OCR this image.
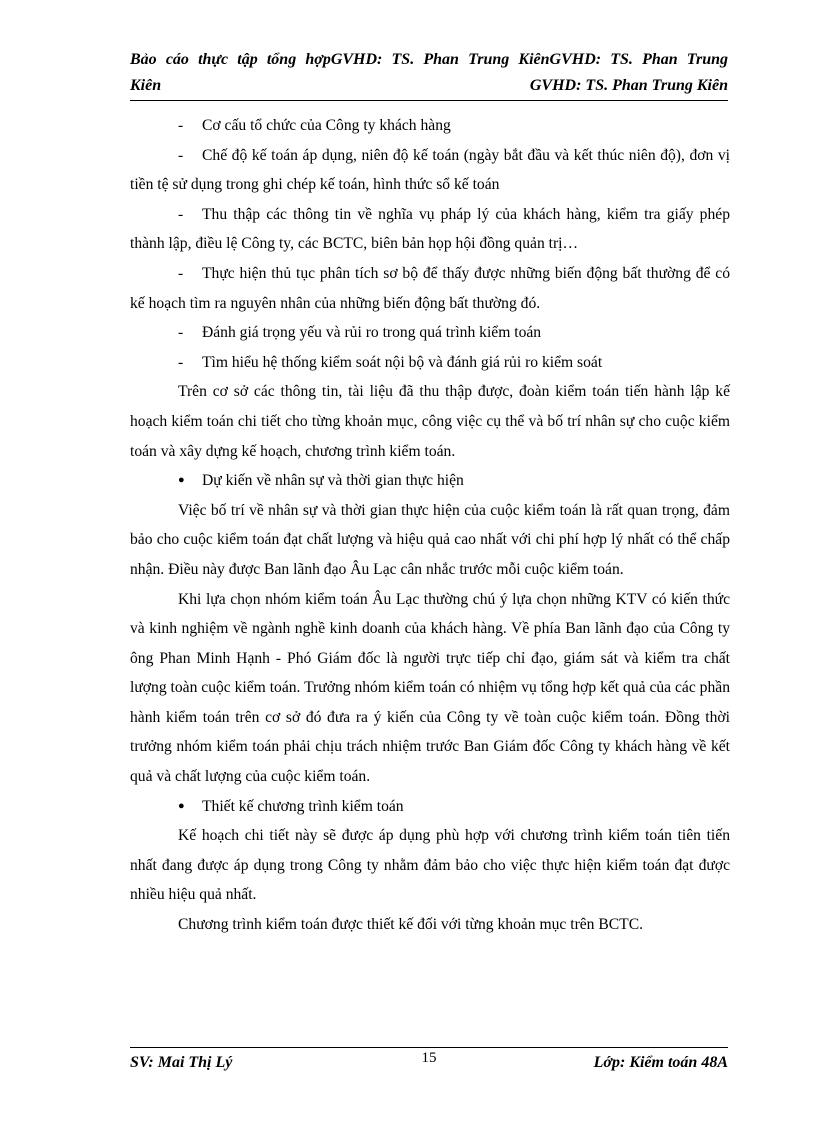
Bảo cáo thực tập tổng hợpGVHD: TS. Phan Trung KiênGVHD: TS. Phan Trung
Kiên	GVHD: TS. Phan Trung Kiên

- Cơ cấu tổ chức của Công ty khách hàng

- Chế độ kế toán áp dụng, niên độ kế toán (ngày bắt đầu và kết thúc niên độ), đơn vị tiền tệ sử dụng trong ghi chép kế toán, hình thức sổ kế toán

- Thu thập các thông tin về nghĩa vụ pháp lý của khách hàng, kiểm tra giấy phép thành lập, điều lệ Công ty, các BCTC, biên bản họp hội đồng quản trị…

- Thực hiện thủ tục phân tích sơ bộ để thấy được những biến động bất thường để có kế hoạch tìm ra nguyên nhân của những biến động bất thường đó.

- Đánh giá trọng yếu và rủi ro trong quá trình kiểm toán

- Tìm hiểu hệ thống kiểm soát nội bộ và đánh giá rủi ro kiểm soát

Trên cơ sở các thông tin, tài liệu đã thu thập được, đoàn kiểm toán tiến hành lập kế hoạch kiểm toán chi tiết cho từng khoản mục, công việc cụ thể và bố trí nhân sự cho cuộc kiểm toán và xây dựng kế hoạch, chương trình kiểm toán.

● Dự kiến về nhân sự và thời gian thực hiện

Việc bố trí về nhân sự và thời gian thực hiện của cuộc kiểm toán là rất quan trọng, đảm bảo cho cuộc kiểm toán đạt chất lượng và hiệu quả cao nhất với chi phí hợp lý nhất có thể chấp nhận. Điều này được Ban lãnh đạo Âu Lạc cân nhắc trước mỗi cuộc kiểm toán.

Khi lựa chọn nhóm kiểm toán Âu Lạc thường chú ý lựa chọn những KTV có kiến thức và kinh nghiệm về ngành nghề kinh doanh của khách hàng. Về phía Ban lãnh đạo của Công ty ông Phan Minh Hạnh - Phó Giám đốc là người trực tiếp chỉ đạo, giám sát và kiểm tra chất lượng toàn cuộc kiểm toán. Trưởng nhóm kiểm toán có nhiệm vụ tổng hợp kết quả của các phần hành kiểm toán trên cơ sở đó đưa ra ý kiến của Công ty về toàn cuộc kiểm toán. Đồng thời trưởng nhóm kiểm toán phải chịu trách nhiệm trước Ban Giám đốc Công ty khách hàng về kết quả và chất lượng của cuộc kiểm toán.

● Thiết kế chương trình kiểm toán

Kế hoạch chi tiết này sẽ được áp dụng phù hợp với chương trình kiểm toán tiên tiến nhất đang được áp dụng trong Công ty nhằm đảm bảo cho việc thực hiện kiểm toán đạt được nhiều hiệu quả nhất.

Chương trình kiểm toán được thiết kế đối với từng khoản mục trên BCTC.

SV: Mai Thị Lý	15	Lớp: Kiểm toán 48A
